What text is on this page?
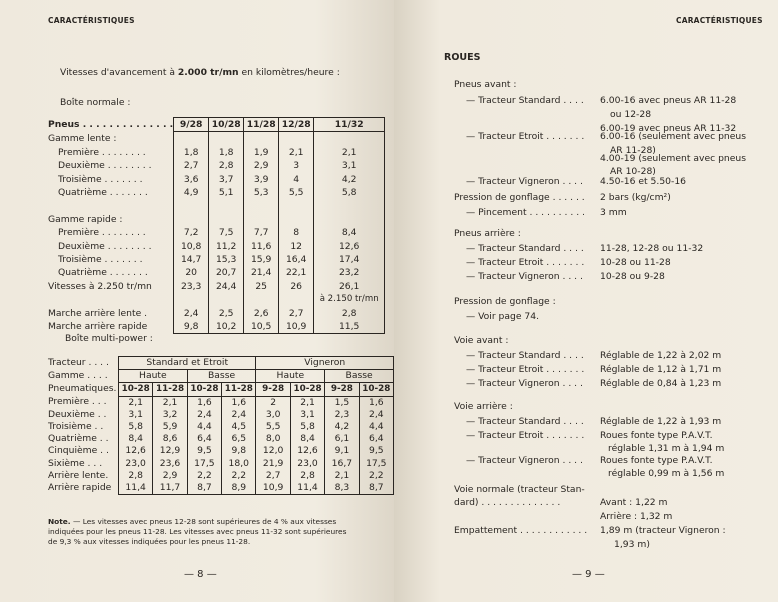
CARACTÉRISTIQUES
Vitesses d'avancement à 2.000 tr/mn en kilomètres/heure :
Boîte normale :
Pneus . . . . . . . . . . . . . .	9/28	10/28	11/28	12/28	11/32
Gamme lente :					
Première . . . . . . . .	1,8	1,8	1,9	2,1	2,1
Deuxième . . . . . . . .	2,7	2,8	2,9	3	3,1
Troisième . . . . . . .	3,6	3,7	3,9	4	4,2
Quatrième . . . . . . .	4,9	5,1	5,3	5,5	5,8

Gamme rapide :					
Première . . . . . . . .	7,2	7,5	7,7	8	8,4
Deuxième . . . . . . . .	10,8	11,2	11,6	12	12,6
Troisième . . . . . . .	14,7	15,3	15,9	16,4	17,4
Quatrième . . . . . . .	20	20,7	21,4	22,1	23,2
Vitesses à 2.250 tr/mn	23,3	24,4	25	26	26,1
					à 2.150 tr/mn
Marche arrière lente .	2,4	2,5	2,6	2,7	2,8
Marche arrière rapide	9,8	10,2	10,5	10,9	11,5
Boîte multi-power :
Tracteur . . . .	Standard et Etroit				Vigneron			
Gamme . . . .	Haute		Basse		Haute		Basse	
Pneumatiques.	10-28	11-28	10-28	11-28	9-28	10-28	9-28	10-28
Première . . .	2,1	2,1	1,6	1,6	2	2,1	1,5	1,6
Deuxième . .	3,1	3,2	2,4	2,4	3,0	3,1	2,3	2,4
Troisième . .	5,8	5,9	4,4	4,5	5,5	5,8	4,2	4,4
Quatrième . .	8,4	8,6	6,4	6,5	8,0	8,4	6,1	6,4
Cinquième . .	12,6	12,9	9,5	9,8	12,0	12,6	9,1	9,5
Sixième . . .	23,0	23,6	17,5	18,0	21,9	23,0	16,7	17,5
Arrière lente.	2,8	2,9	2,2	2,2	2,7	2,8	2,1	2,2
Arrière rapide	11,4	11,7	8,7	8,9	10,9	11,4	8,3	8,7
Note. — Les vitesses avec pneus 12-28 sont supérieures de 4 % aux vitesses
indiquées pour les pneus 11-28. Les vitesses avec pneus 11-32 sont supérieures
de 9,3 % aux vitesses indiquées pour les pneus 11-28.
— 8 —
CARACTÉRISTIQUES
ROUES
Pneus avant :
— Tracteur Standard . . . . 6.00-16 avec pneus AR 11-28
ou 12-28
6.00-19 avec pneus AR 11-32
— Tracteur Etroit . . . . . . . 6.00-16 (seulement avec pneus
AR 11-28)
4.00-19 (seulement avec pneus
AR 10-28)
— Tracteur Vigneron . . . . 4.50-16 et 5.50-16
Pression de gonflage . . . . . . 2 bars (kg/cm²)
— Pincement . . . . . . . . . . 3 mm
Pneus arrière :
— Tracteur Standard . . . . 11-28, 12-28 ou 11-32
— Tracteur Etroit . . . . . . . 10-28 ou 11-28
— Tracteur Vigneron . . . . 10-28 ou 9-28
Pression de gonflage :
— Voir page 74.
Voie avant :
— Tracteur Standard . . . . Réglable de 1,22 à 2,02 m
— Tracteur Etroit . . . . . . . Réglable de 1,12 à 1,71 m
— Tracteur Vigneron . . . . Réglable de 0,84 à 1,23 m
Voie arrière :
— Tracteur Standard . . . . Réglable de 1,22 à 1,93 m
— Tracteur Etroit . . . . . . . Roues fonte type P.A.V.T.
réglable 1,31 m à 1,94 m
— Tracteur Vigneron . . . . Roues fonte type P.A.V.T.
réglable 0,99 m à 1,56 m
Voie normale (tracteur Stan-
dard) . . . . . . . . . . . . . .	Avant : 1,22 m
Arrière : 1,32 m
Empattement . . . . . . . . . . . . 1,89 m (tracteur Vigneron :
1,93 m)
— 9 —
